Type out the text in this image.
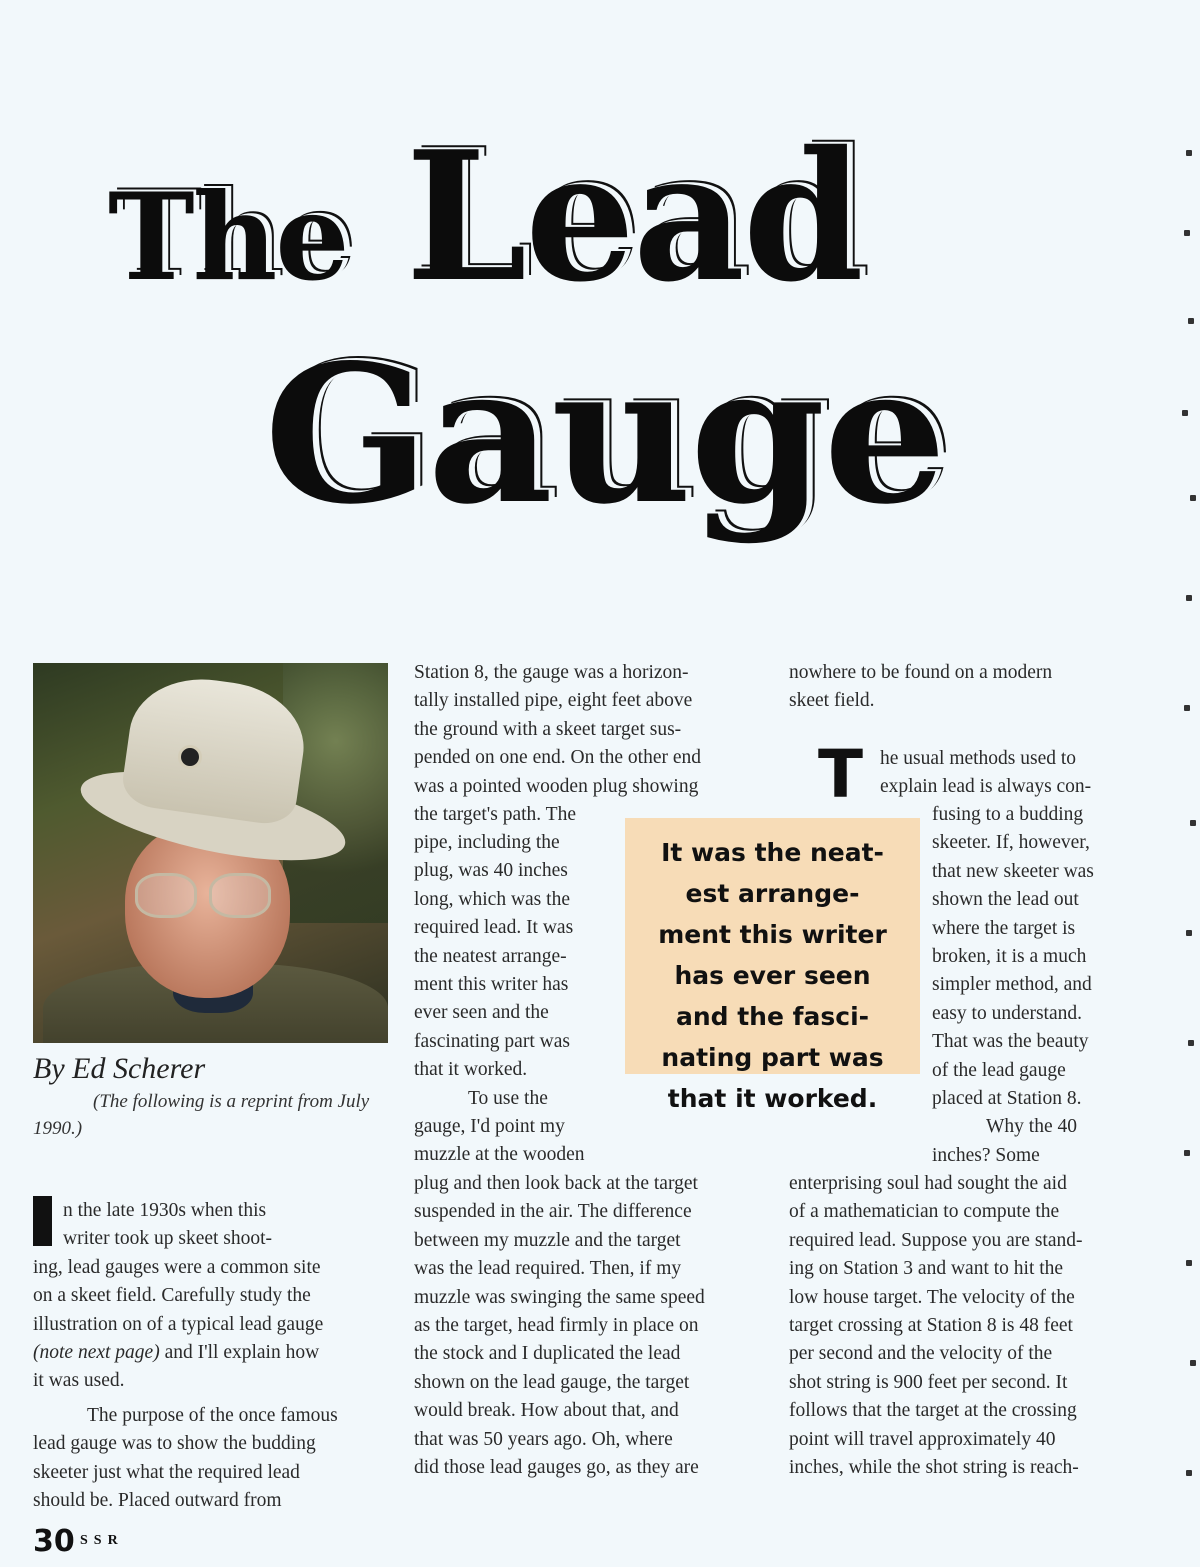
The Lead
Gauge
By Ed Scherer
(The following is a reprint from July 1990.)
n the late 1930s when this
writer took up skeet shoot-
ing, lead gauges were a common site
on a skeet field. Carefully study the
illustration on of a typical lead gauge
(note next page) and I'll explain how
it was used.
The purpose of the once famous
lead gauge was to show the budding
skeeter just what the required lead
should be. Placed outward from
Station 8, the gauge was a horizon-
tally installed pipe, eight feet above
the ground with a skeet target sus-
pended on one end. On the other end
was a pointed wooden plug showing
the target's path. The
pipe, including the
plug, was 40 inches
long, which was the
required lead. It was
the neatest arrange-
ment this writer has
ever seen and the
fascinating part was
that it worked.
To use the
gauge, I'd point my
muzzle at the wooden
plug and then look back at the target
suspended in the air. The difference
between my muzzle and the target
was the lead required. Then, if my
muzzle was swinging the same speed
as the target, head firmly in place on
the stock and I duplicated the lead
shown on the lead gauge, the target
would break. How about that, and
that was 50 years ago. Oh, where
did those lead gauges go, as they are
It was the neat-
est arrange-
ment this writer
has ever seen
and the fasci-
nating part was
that it worked.
nowhere to be found on a modern
skeet field.
T he usual methods used to
explain lead is always con-
fusing to a budding
skeeter. If, however,
that new skeeter was
shown the lead out
where the target is
broken, it is a much
simpler method, and
easy to understand.
That was the beauty
of the lead gauge
placed at Station 8.
Why the 40
inches? Some
enterprising soul had sought the aid
of a mathematician to compute the
required lead. Suppose you are stand-
ing on Station 3 and want to hit the
low house target. The velocity of the
target crossing at Station 8 is 48 feet
per second and the velocity of the
shot string is 900 feet per second. It
follows that the target at the crossing
point will travel approximately 40
inches, while the shot string is reach-
30 SSR
